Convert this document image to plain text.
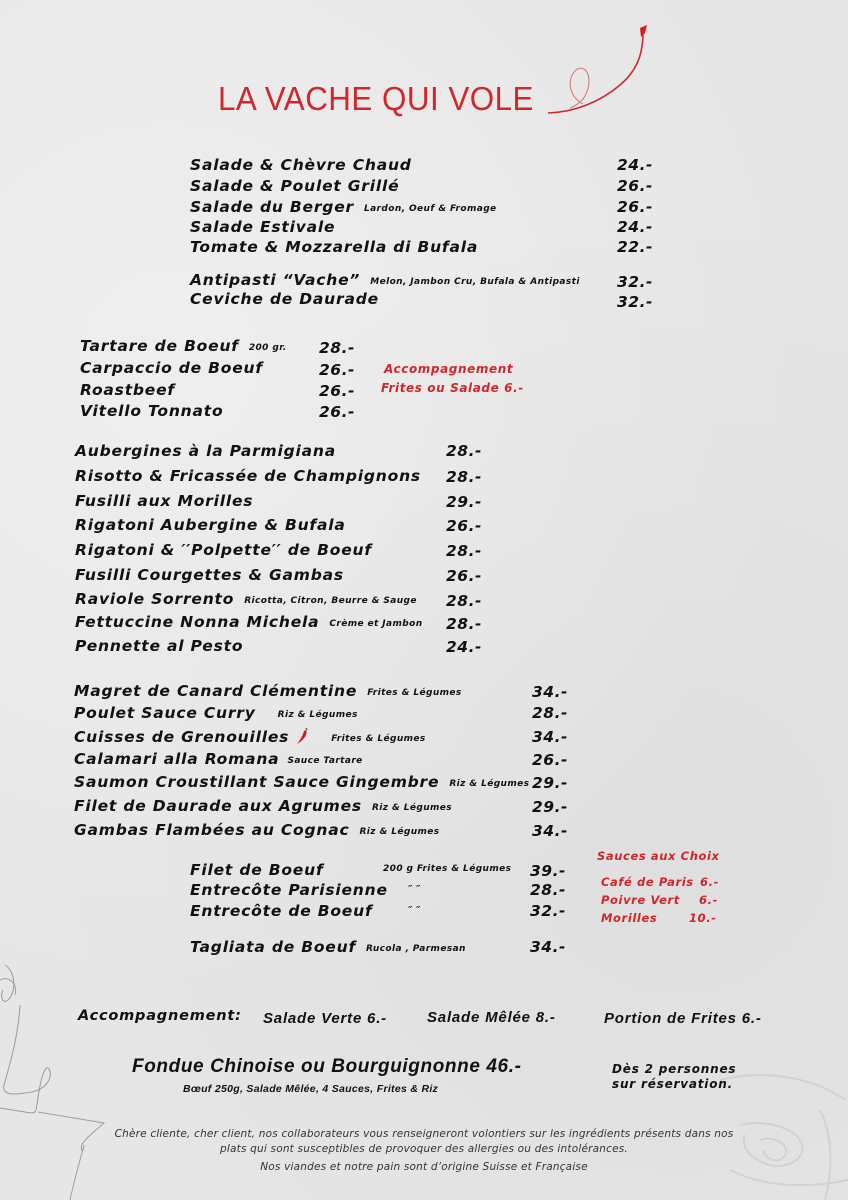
LA VACHE QUI VOLE
Salade & Chèvre Chaud	24.-
Salade & Poulet Grillé	26.-
Salade du Berger Lardon, Oeuf & Fromage	26.-
Salade Estivale	24.-
Tomate & Mozzarella di Bufala	22.-
Antipasti “Vache” Melon, Jambon Cru, Bufala & Antipasti 32.-
Ceviche de Daurade	32.-
Tartare de Boeuf 200 gr. 28.-
Carpaccio de Boeuf	26.-
Roastbeef	26.-
Vitello Tonnato	26.-
Accompagnement
Frites ou Salade 6.-
Aubergines à la Parmigiana	28.-
Risotto & Fricassée de Champignons 28.-
Fusilli aux Morilles	29.-
Rigatoni Aubergine & Bufala	26.-
Rigatoni & ′′Polpette′′ de Boeuf	28.-
Fusilli Courgettes & Gambas	26.-
Raviole Sorrento Ricotta, Citron, Beurre & Sauge 28.-
Fettuccine Nonna Michela Crème et Jambon 28.-
Pennette al Pesto	24.-
Magret de Canard Clémentine Frites & Légumes	34.-
Poulet Sauce Curry Riz & Légumes	28.-
Cuisses de Grenouilles	Frites & Légumes	34.-
Calamari alla Romana Sauce Tartare	26.-
Saumon Croustillant Sauce Gingembre Riz & Légumes 29.-
Filet de Daurade aux Agrumes Riz & Légumes	29.-
Gambas Flambées au Cognac Riz & Légumes	34.-
Filet de Boeuf	200 g Frites & Légumes 39.-
Entrecôte Parisienne ″ ″	28.-
Entrecôte de Boeuf	″ ″	32.-
Tagliata de Boeuf Rucola , Parmesan	34.-
Sauces aux Choix
Café de Paris 6.-
Poivre Vert 6.-
Morilles	10.-
Accompagnement: Salade Verte 6.-	Salade Mêlée 8.-	Portion de Frites 6.-
Fondue Chinoise ou Bourguignonne 46.-
Bœuf 250g, Salade Mêlée, 4 Sauces, Frites & Riz
Dès 2 personnes
sur réservation.
Chère cliente, cher client, nos collaborateurs vous renseigneront volontiers sur les ingrédients présents dans nos
plats qui sont susceptibles de provoquer des allergies ou des intolérances.
Nos viandes et notre pain sont d’origine Suisse et Française
